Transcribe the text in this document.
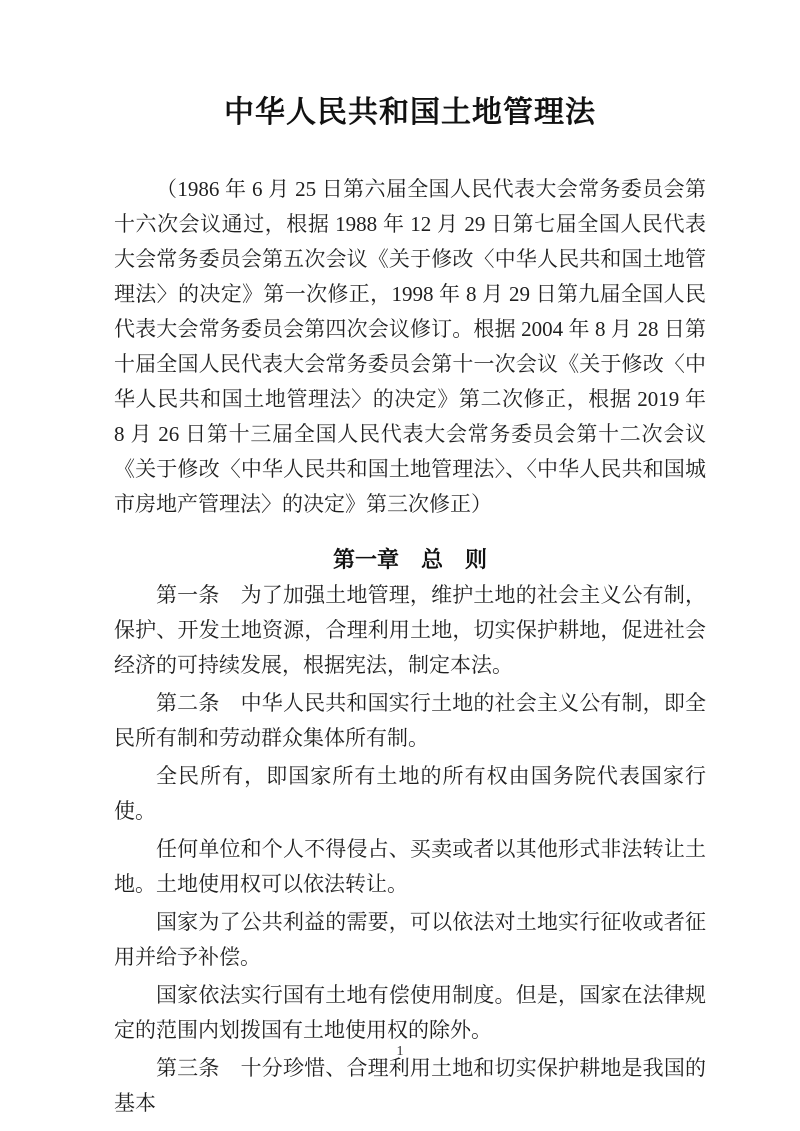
中华人民共和国土地管理法

（1986 年 6 月 25 日第六届全国人民代表大会常务委员会第十六次会议通过，根据 1988 年 12 月 29 日第七届全国人民代表大会常务委员会第五次会议《关于修改〈中华人民共和国土地管理法〉的决定》第一次修正，1998 年 8 月 29 日第九届全国人民代表大会常务委员会第四次会议修订。根据 2004 年 8 月 28 日第十届全国人民代表大会常务委员会第十一次会议《关于修改〈中华人民共和国土地管理法〉的决定》第二次修正，根据 2019 年 8 月 26 日第十三届全国人民代表大会常务委员会第十二次会议《关于修改〈中华人民共和国土地管理法〉、〈中华人民共和国城市房地产管理法〉的决定》第三次修正）

第一章　总　则

第一条　为了加强土地管理，维护土地的社会主义公有制，保护、开发土地资源，合理利用土地，切实保护耕地，促进社会经济的可持续发展，根据宪法，制定本法。

第二条　中华人民共和国实行土地的社会主义公有制，即全民所有制和劳动群众集体所有制。

全民所有，即国家所有土地的所有权由国务院代表国家行使。

任何单位和个人不得侵占、买卖或者以其他形式非法转让土地。土地使用权可以依法转让。

国家为了公共利益的需要，可以依法对土地实行征收或者征用并给予补偿。

国家依法实行国有土地有偿使用制度。但是，国家在法律规定的范围内划拨国有土地使用权的除外。

第三条　十分珍惜、合理利用土地和切实保护耕地是我国的基本

1
